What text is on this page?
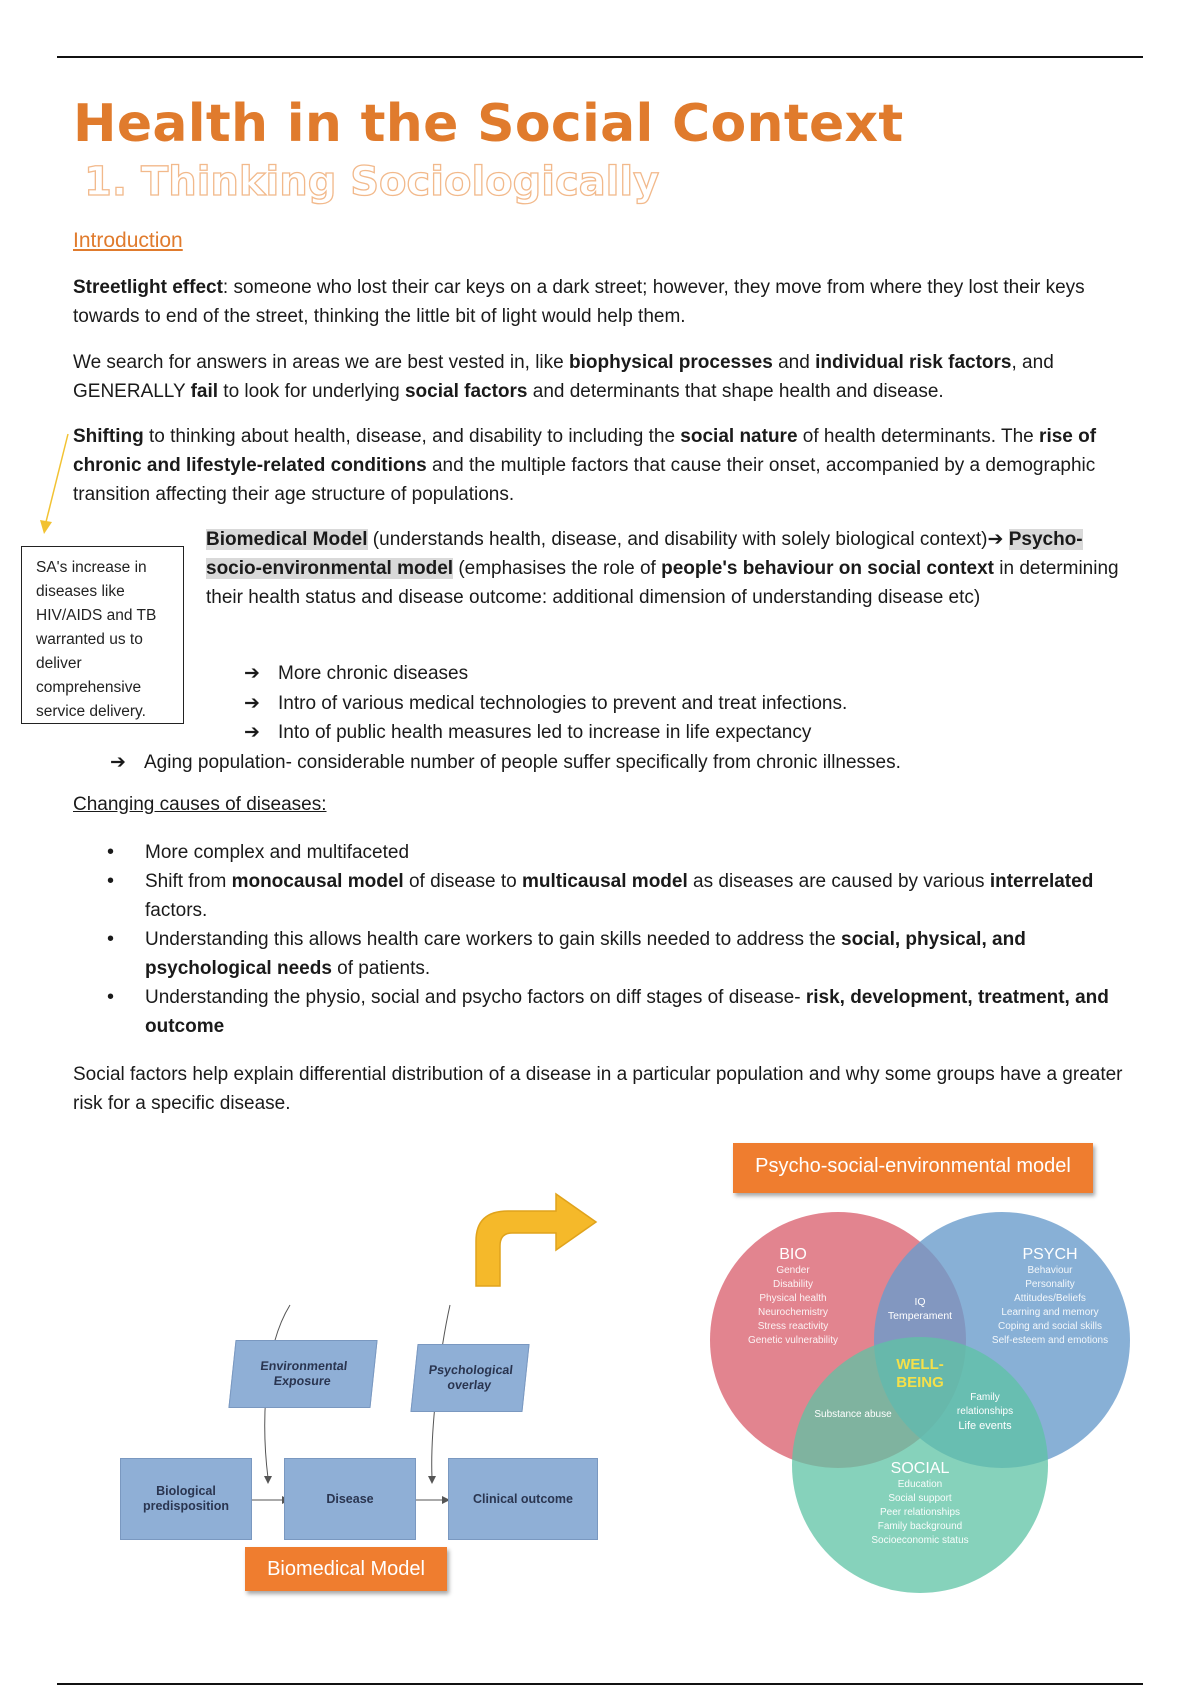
Health in the Social Context
1. Thinking Sociologically
Introduction

Streetlight effect: someone who lost their car keys on a dark street; however, they move from where they lost their keys towards to end of the street, thinking the little bit of light would help them.

We search for answers in areas we are best vested in, like biophysical processes and individual risk factors, and GENERALLY fail to look for underlying social factors and determinants that shape health and disease.

Shifting to thinking about health, disease, and disability to including the social nature of health determinants. The rise of chronic and lifestyle-related conditions and the multiple factors that cause their onset, accompanied by a demographic transition affecting their age structure of populations.

SA's increase in diseases like HIV/AIDS and TB warranted us to deliver comprehensive service delivery.

Biomedical Model (understands health, disease, and disability with solely biological context)➔ Psycho-socio-environmental model (emphasises the role of people's behaviour on social context in determining their health status and disease outcome: additional dimension of understanding disease etc)

➔ More chronic diseases
➔ Intro of various medical technologies to prevent and treat infections.
➔ Into of public health measures led to increase in life expectancy
➔ Aging population- considerable number of people suffer specifically from chronic illnesses.
Changing causes of diseases:
• More complex and multifaceted
• Shift from monocausal model of disease to multicausal model as diseases are caused by various interrelated factors.
• Understanding this allows health care workers to gain skills needed to address the social, physical, and psychological needs of patients.
• Understanding the physio, social and psycho factors on diff stages of disease- risk, development, treatment, and outcome

Social factors help explain differential distribution of a disease in a particular population and why some groups have a greater risk for a specific disease.

Environmental Exposure
Psychological overlay
Biological predisposition
Disease	Clinical outcome
Biomedical Model
Psycho-social-environmental model
BIO
Gender
Disability
Physical health
Neurochemistry
Stress reactivity
Genetic vulnerability
PSYCH
Behaviour
Personality
Attitudes/Beliefs
Learning and memory
Coping and social skills
Self-esteem and emotions
IQ
Temperament
WELL-
BEING
Substance abuse
Family
relationships
Life events
SOCIAL
Education
Social support
Peer relationships
Family background
Socioeconomic status
